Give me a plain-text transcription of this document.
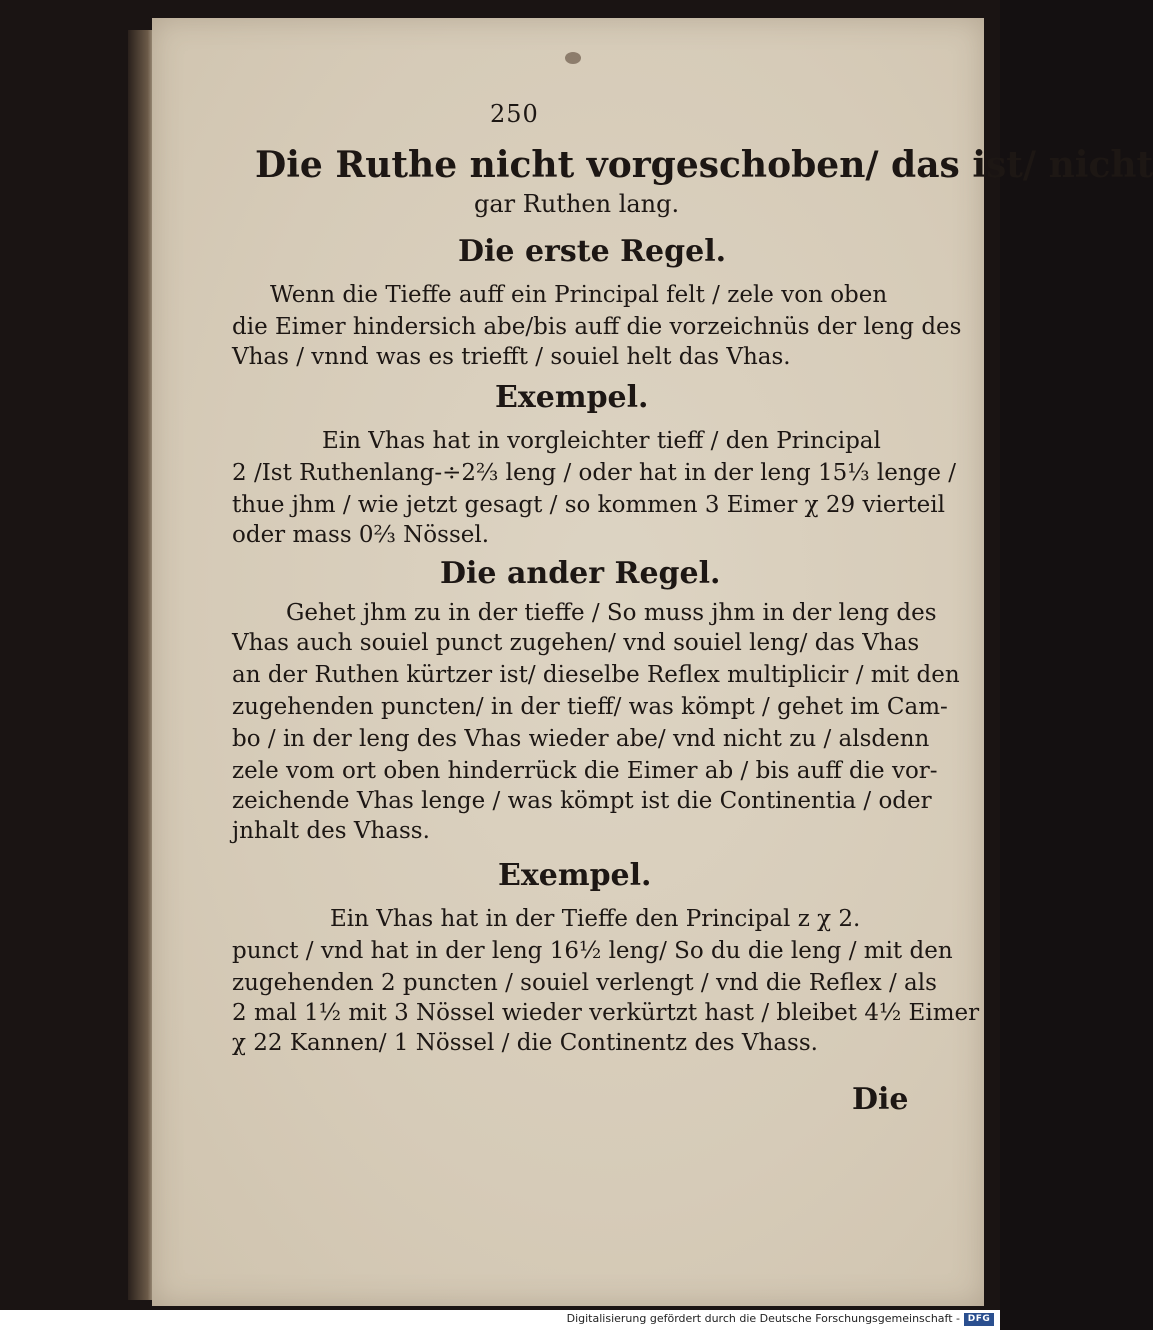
250
Die Ruthe nicht vorgeschoben/ das ist/ nicht
gar Ruthen lang.
Die erste Regel.
Wenn die Tieffe auff ein Principal felt / zele von oben
die Eimer hindersich abe/bis auff die vorzeichnüs der leng des
Vhas / vnnd was es triefft / souiel helt das Vhas.
Exempel.
Ein Vhas hat in vorgleichter tieff / den Principal
2 /Ist Ruthenlang-÷2⅔ leng / oder hat in der leng 15⅓ lenge /
thue jhm / wie jetzt gesagt / so kommen 3 Eimer χ 29 vierteil
oder mass 0⅔ Nössel.
Die ander Regel.
Gehet jhm zu in der tieffe / So muss jhm in der leng des
Vhas auch souiel punct zugehen/ vnd souiel leng/ das Vhas
an der Ruthen kürtzer ist/ dieselbe Reflex multiplicir / mit den
zugehenden puncten/ in der tieff/ was kömpt / gehet im Cam-
bo / in der leng des Vhas wieder abe/ vnd nicht zu / alsdenn
zele vom ort oben hinderrück die Eimer ab / bis auff die vor-
zeichende Vhas lenge / was kömpt ist die Continentia / oder
jnhalt des Vhass.
Exempel.
Ein Vhas hat in der Tieffe den Principal z χ 2.
punct / vnd hat in der leng 16½ leng/ So du die leng / mit den
zugehenden 2 puncten / souiel verlengt / vnd die Reflex / als
2 mal 1½ mit 3 Nössel wieder verkürtzt hast / bleibet 4½ Eimer
χ 22 Kannen/ 1 Nössel / die Continentz des Vhass.
Die
Digitalisierung gefördert durch die Deutsche Forschungsgemeinschaft - DFG
